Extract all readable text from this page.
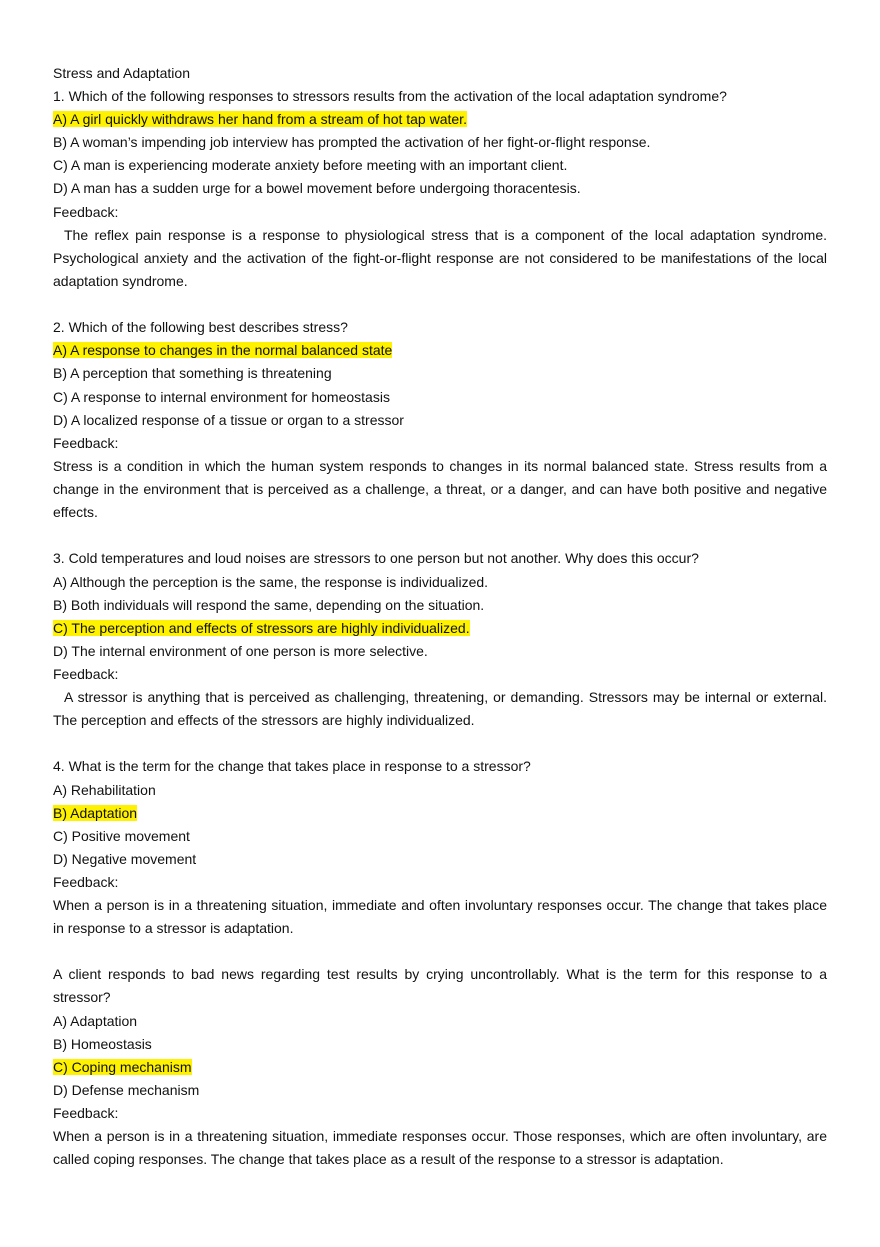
Stress and Adaptation
1. Which of the following responses to stressors results from the activation of the local adaptation syndrome?
A) A girl quickly withdraws her hand from a stream of hot tap water.
B) A woman’s impending job interview has prompted the activation of her fight-or-flight response.
C) A man is experiencing moderate anxiety before meeting with an important client.
D) A man has a sudden urge for a bowel movement before undergoing thoracentesis.
Feedback:

The reflex pain response is a response to physiological stress that is a component of the local adaptation syndrome. Psychological anxiety and the activation of the fight-or-flight response are not considered to be manifestations of the local adaptation syndrome.

2. Which of the following best describes stress?
A) A response to changes in the normal balanced state
B) A perception that something is threatening
C) A response to internal environment for homeostasis
D) A localized response of a tissue or organ to a stressor
Feedback:

Stress is a condition in which the human system responds to changes in its normal balanced state. Stress results from a change in the environment that is perceived as a challenge, a threat, or a danger, and can have both positive and negative effects.

3. Cold temperatures and loud noises are stressors to one person but not another. Why does this occur?
A) Although the perception is the same, the response is individualized.
B) Both individuals will respond the same, depending on the situation.
C) The perception and effects of stressors are highly individualized.
D) The internal environment of one person is more selective.
Feedback:

A stressor is anything that is perceived as challenging, threatening, or demanding. Stressors may be internal or external. The perception and effects of the stressors are highly individualized.

4. What is the term for the change that takes place in response to a stressor?
A) Rehabilitation
B) Adaptation
C) Positive movement
D) Negative movement
Feedback:

When a person is in a threatening situation, immediate and often involuntary responses occur. The change that takes place in response to a stressor is adaptation.

A client responds to bad news regarding test results by crying uncontrollably. What is the term for this response to a stressor?

A) Adaptation
B) Homeostasis
C) Coping mechanism
D) Defense mechanism
Feedback:

When a person is in a threatening situation, immediate responses occur. Those responses, which are often involuntary, are called coping responses. The change that takes place as a result of the response to a stressor is adaptation.
